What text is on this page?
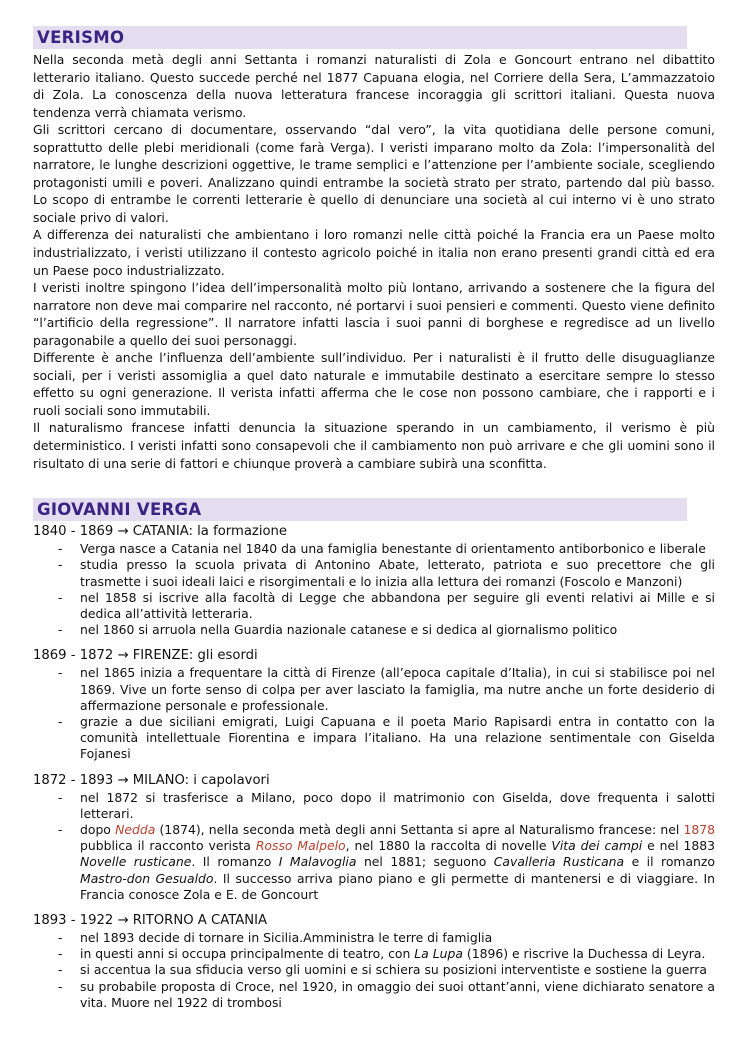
VERISMO

Nella seconda metà degli anni Settanta i romanzi naturalisti di Zola e Goncourt entrano nel dibattito letterario italiano. Questo succede perché nel 1877 Capuana elogia, nel Corriere della Sera, L’ammazzatoio di Zola. La conoscenza della nuova letteratura francese incoraggia gli scrittori italiani. Questa nuova tendenza verrà chiamata verismo.

Gli scrittori cercano di documentare, osservando “dal vero”, la vita quotidiana delle persone comuni, soprattutto delle plebi meridionali (come farà Verga). I veristi imparano molto da Zola: l’impersonalità del narratore, le lunghe descrizioni oggettive, le trame semplici e l’attenzione per l’ambiente sociale, scegliendo protagonisti umili e poveri. Analizzano quindi entrambe la società strato per strato, partendo dal più basso. Lo scopo di entrambe le correnti letterarie è quello di denunciare una società al cui interno vi è uno strato sociale privo di valori.

A differenza dei naturalisti che ambientano i loro romanzi nelle città poiché la Francia era un Paese molto industrializzato, i veristi utilizzano il contesto agricolo poiché in italia non erano presenti grandi città ed era un Paese poco industrializzato.

I veristi inoltre spingono l’idea dell’impersonalità molto più lontano, arrivando a sostenere che la figura del narratore non deve mai comparire nel racconto, né portarvi i suoi pensieri e commenti. Questo viene definito “l’artificio della regressione”. Il narratore infatti lascia i suoi panni di borghese e regredisce ad un livello paragonabile a quello dei suoi personaggi.

Differente è anche l’influenza dell’ambiente sull’individuo. Per i naturalisti è il frutto delle disuguaglianze sociali, per i veristi assomiglia a quel dato naturale e immutabile destinato a esercitare sempre lo stesso effetto su ogni generazione. Il verista infatti afferma che le cose non possono cambiare, che i rapporti e i ruoli sociali sono immutabili.

Il naturalismo francese infatti denuncia la situazione sperando in un cambiamento, il verismo è più deterministico. I veristi infatti sono consapevoli che il cambiamento non può arrivare e che gli uomini sono il risultato di una serie di fattori e chiunque proverà a cambiare subirà una sconfitta.

GIOVANNI VERGA

1840 - 1869 → CATANIA: la formazione

- Verga nasce a Catania nel 1840 da una famiglia benestante di orientamento antiborbonico e liberale
- studia presso la scuola privata di Antonino Abate, letterato, patriota e suo precettore che gli trasmette i suoi ideali laici e risorgimentali e lo inizia alla lettura dei romanzi (Foscolo e Manzoni)
- nel 1858 si iscrive alla facoltà di Legge che abbandona per seguire gli eventi relativi ai Mille e si dedica all’attività letteraria.
- nel 1860 si arruola nella Guardia nazionale catanese e si dedica al giornalismo politico

1869 - 1872 → FIRENZE: gli esordi

- nel 1865 inizia a frequentare la città di Firenze (all’epoca capitale d’Italia), in cui si stabilisce poi nel 1869. Vive un forte senso di colpa per aver lasciato la famiglia, ma nutre anche un forte desiderio di affermazione personale e professionale.
- grazie a due siciliani emigrati, Luigi Capuana e il poeta Mario Rapisardi entra in contatto con la comunità intellettuale Fiorentina e impara l’italiano. Ha una relazione sentimentale con Giselda Fojanesi

1872 - 1893 → MILANO: i capolavori

- nel 1872 si trasferisce a Milano, poco dopo il matrimonio con Giselda, dove frequenta i salotti letterari.
- dopo Nedda (1874), nella seconda metà degli anni Settanta si apre al Naturalismo francese: nel 1878 pubblica il racconto verista Rosso Malpelo, nel 1880 la raccolta di novelle Vita dei campi e nel 1883 Novelle rusticane. Il romanzo I Malavoglia nel 1881; seguono Cavalleria Rusticana e il romanzo Mastro-don Gesualdo. Il successo arriva piano piano e gli permette di mantenersi e di viaggiare. In Francia conosce Zola e E. de Goncourt

1893 - 1922 → RITORNO A CATANIA

- nel 1893 decide di tornare in Sicilia.Amministra le terre di famiglia
- in questi anni si occupa principalmente di teatro, con La Lupa (1896) e riscrive la Duchessa di Leyra.
- si accentua la sua sfiducia verso gli uomini e si schiera su posizioni interventiste e sostiene la guerra
- su probabile proposta di Croce, nel 1920, in omaggio dei suoi ottant’anni, viene dichiarato senatore a vita. Muore nel 1922 di trombosi
